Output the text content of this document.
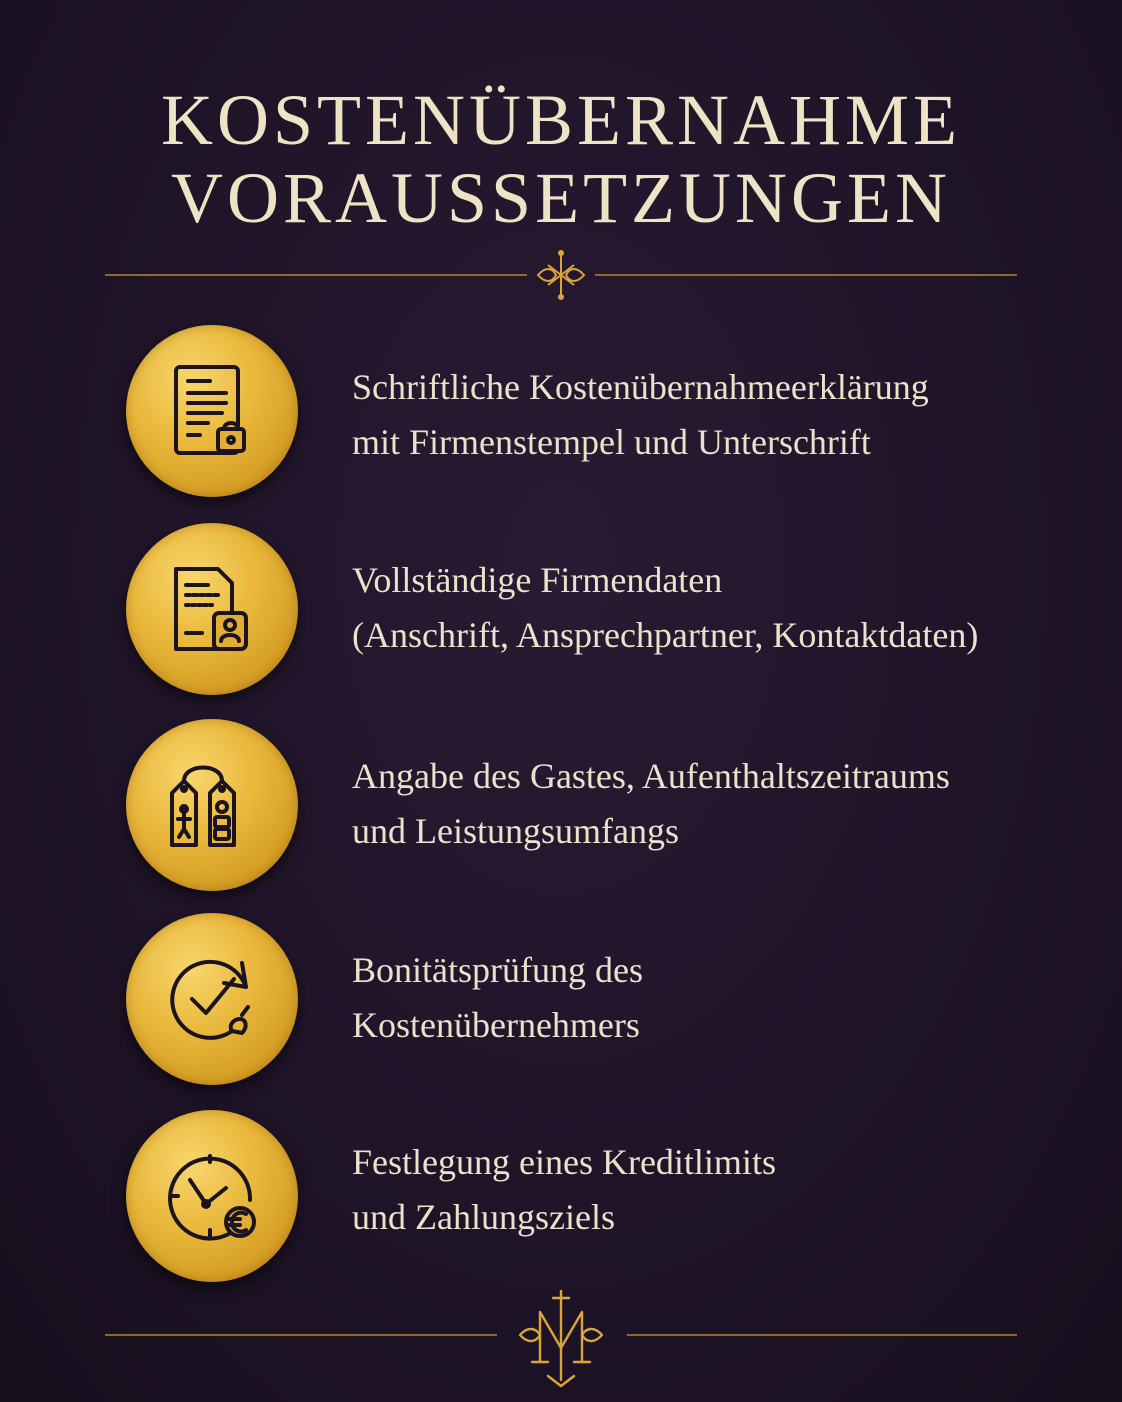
KOSTENÜBERNAHME
VORAUSSETZUNGEN
Schriftliche Kostenübernahmeerklärung
mit Firmenstempel und Unterschrift
Vollständige Firmendaten
(Anschrift, Ansprechpartner, Kontaktdaten)
Angabe des Gastes, Aufenthaltszeitraums
und Leistungsumfangs
Bonitätsprüfung des
Kostenübernehmers
Festlegung eines Kreditlimits
und Zahlungsziels
